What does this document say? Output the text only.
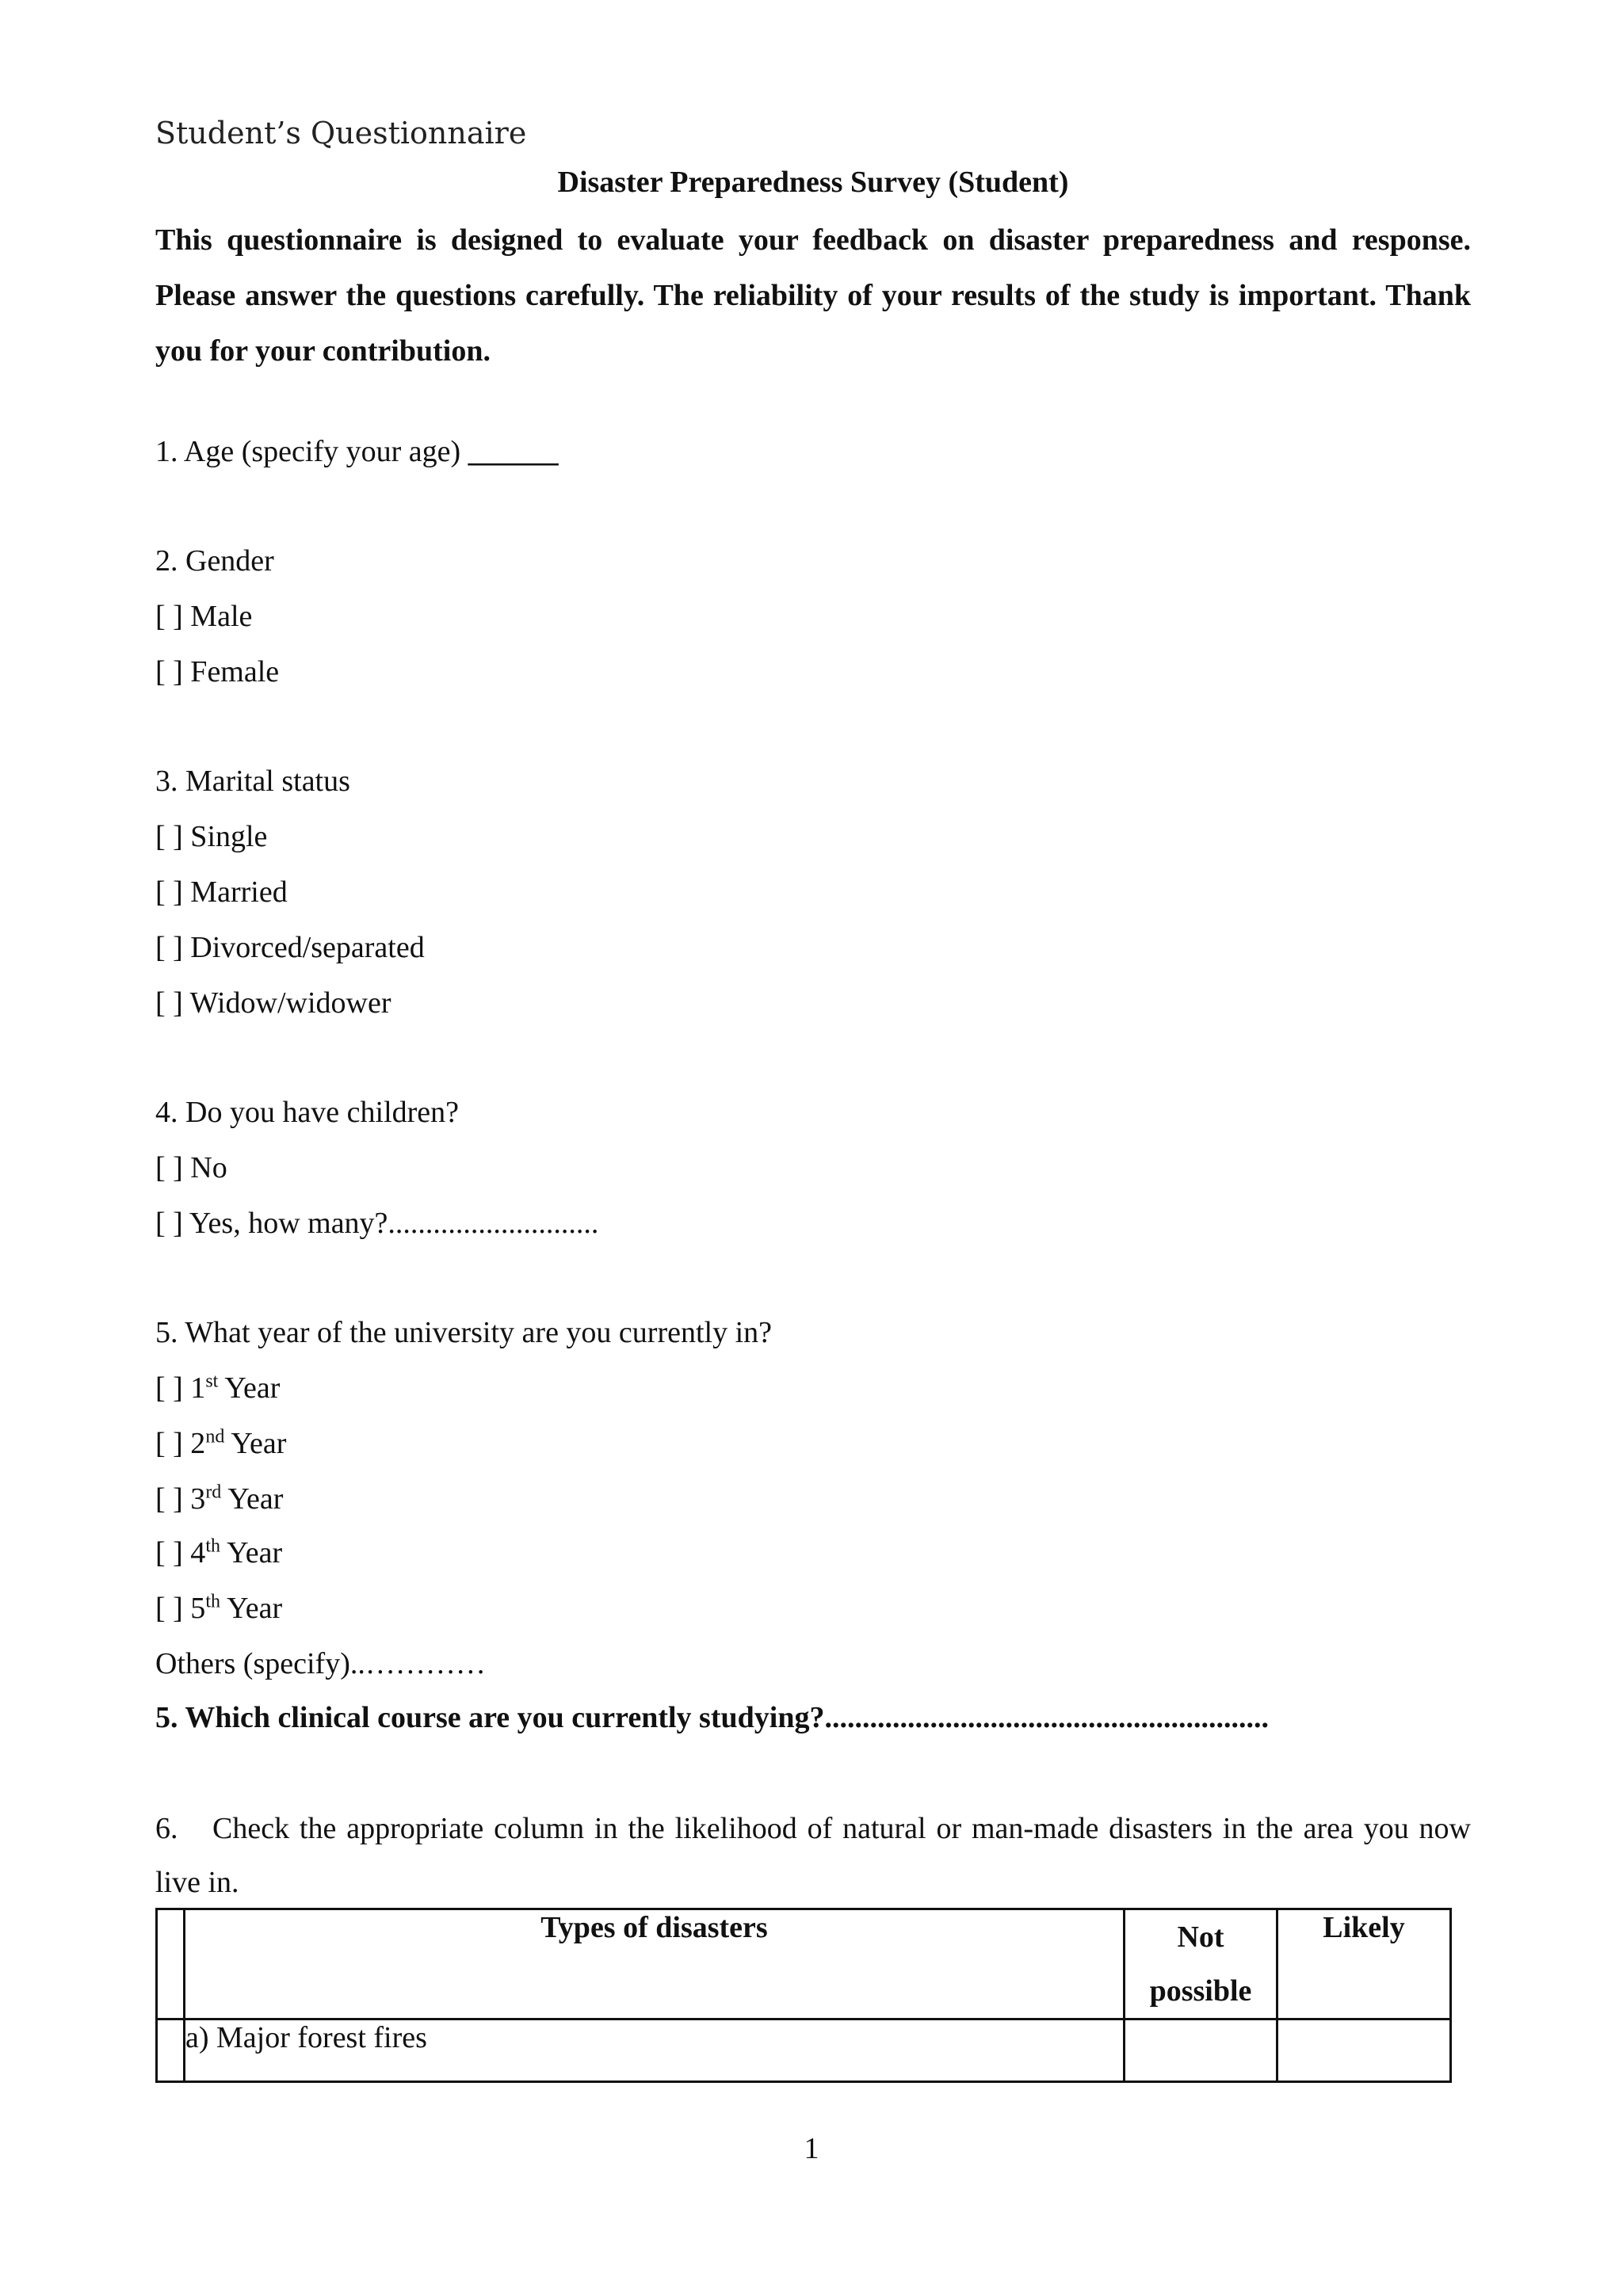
Student’s Questionnaire
Disaster Preparedness Survey (Student)
This questionnaire is designed to evaluate your feedback on disaster preparedness and response. Please answer the questions carefully. The reliability of your results of the study is important. Thank you for your contribution.
1. Age (specify your age) ______
2. Gender
[ ] Male
[ ] Female
3. Marital status
[ ] Single
[ ] Married
[ ] Divorced/separated
[ ] Widow/widower
4. Do you have children?
[ ] No
[ ] Yes, how many?............................
5. What year of the university are you currently in?
[ ] 1st Year
[ ] 2nd Year
[ ] 3rd Year
[ ] 4th Year
[ ] 5th Year
Others (specify)..…………
5. Which clinical course are you currently studying?...........................................................
6. Check the appropriate column in the likelihood of natural or man-made disasters in the area you now live in.
	Types of disasters	Not possible	Likely
	a) Major forest fires		
1
